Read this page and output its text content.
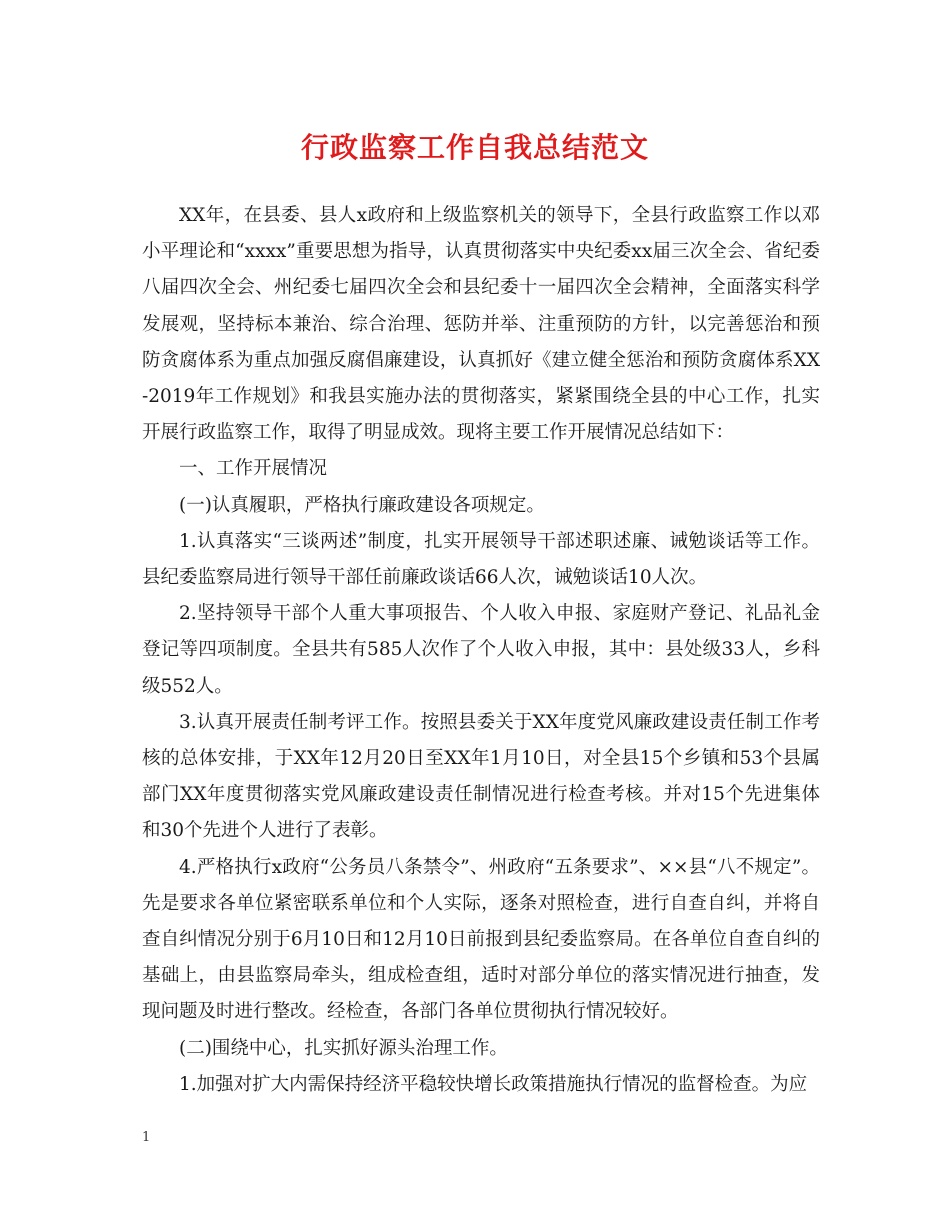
行政监察工作自我总结范文

XX年，在县委、县人x政府和上级监察机关的领导下，全县行政监察工作以邓小平理论和“xxxx”重要思想为指导，认真贯彻落实中央纪委xx届三次全会、省纪委八届四次全会、州纪委七届四次全会和县纪委十一届四次全会精神，全面落实科学发展观，坚持标本兼治、综合治理、惩防并举、注重预防的方针，以完善惩治和预防贪腐体系为重点加强反腐倡廉建设，认真抓好《建立健全惩治和预防贪腐体系XX-2019年工作规划》和我县实施办法的贯彻落实，紧紧围绕全县的中心工作，扎实开展行政监察工作，取得了明显成效。现将主要工作开展情况总结如下：

一、工作开展情况

(一)认真履职，严格执行廉政建设各项规定。

1.认真落实“三谈两述”制度，扎实开展领导干部述职述廉、诫勉谈话等工作。县纪委监察局进行领导干部任前廉政谈话66人次，诫勉谈话10人次。

2.坚持领导干部个人重大事项报告、个人收入申报、家庭财产登记、礼品礼金登记等四项制度。全县共有585人次作了个人收入申报，其中：县处级33人，乡科级552人。

3.认真开展责任制考评工作。按照县委关于XX年度党风廉政建设责任制工作考核的总体安排，于XX年12月20日至XX年1月10日，对全县15个乡镇和53个县属部门XX年度贯彻落实党风廉政建设责任制情况进行检查考核。并对15个先进集体和30个先进个人进行了表彰。

4.严格执行x政府“公务员八条禁令”、州政府“五条要求”、××县“八不规定”。先是要求各单位紧密联系单位和个人实际，逐条对照检查，进行自查自纠，并将自查自纠情况分别于6月10日和12月10日前报到县纪委监察局。在各单位自查自纠的基础上，由县监察局牵头，组成检查组，适时对部分单位的落实情况进行抽查，发现问题及时进行整改。经检查，各部门各单位贯彻执行情况较好。

(二)围绕中心，扎实抓好源头治理工作。

1.加强对扩大内需保持经济平稳较快增长政策措施执行情况的监督检查。为应

1
